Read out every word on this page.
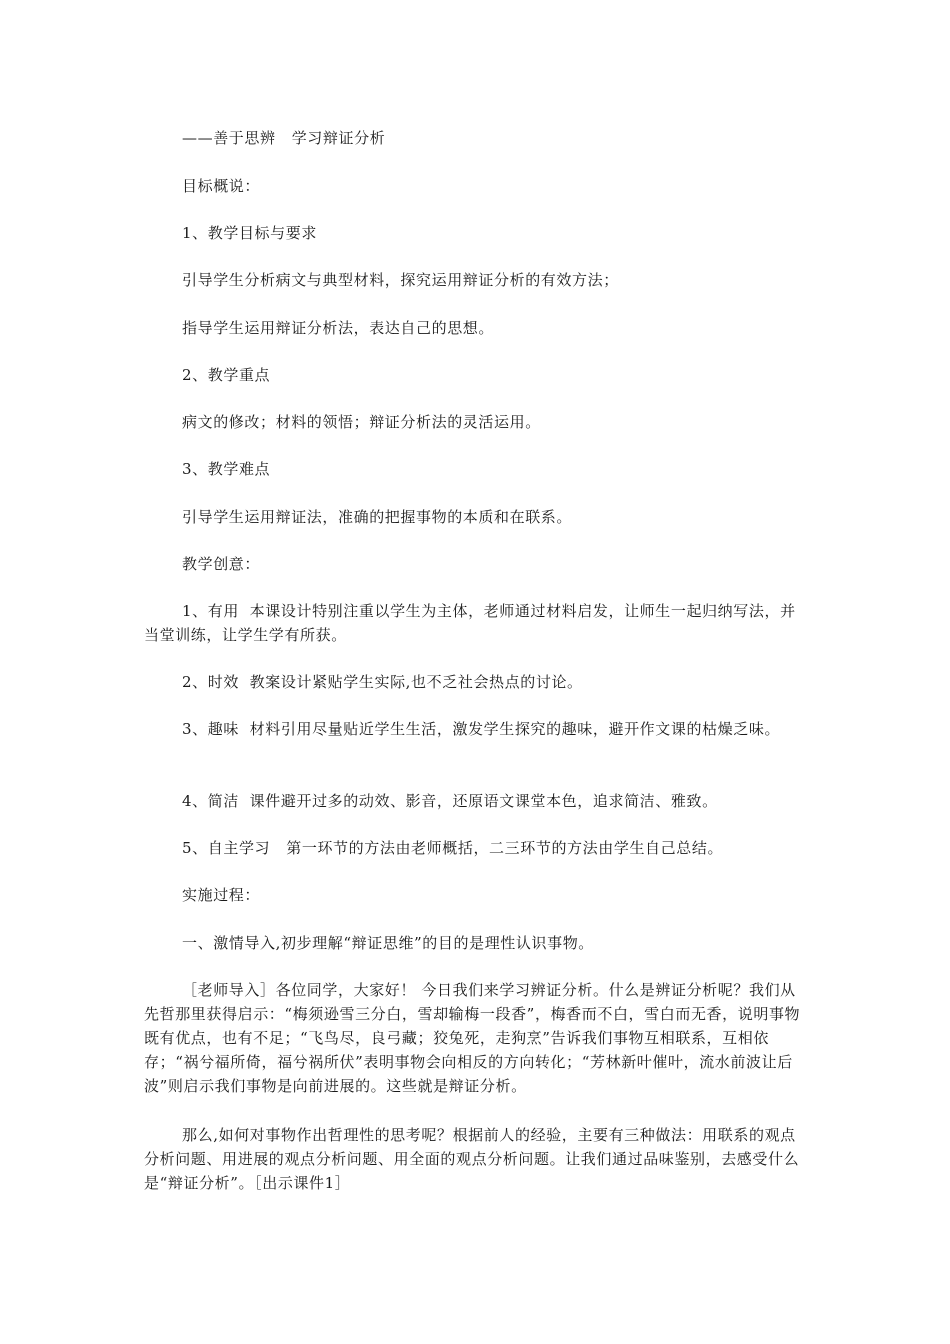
——善于思辨   学习辩证分析

目标概说：

1、教学目标与要求

引导学生分析病文与典型材料，探究运用辩证分析的有效方法；

指导学生运用辩证分析法，表达自己的思想。

2、教学重点

病文的修改；材料的领悟；辩证分析法的灵活运用。

3、教学难点

引导学生运用辩证法，准确的把握事物的本质和在联系。

教学创意：

1、有用  本课设计特别注重以学生为主体，老师通过材料启发，让师生一起归纳写法，并当堂训练，让学生学有所获。

2、时效  教案设计紧贴学生实际,也不乏社会热点的讨论。

3、趣味  材料引用尽量贴近学生生活，激发学生探究的趣味，避开作文课的枯燥乏味。

4、简洁  课件避开过多的动效、影音，还原语文课堂本色，追求简洁、雅致。

5、自主学习   第一环节的方法由老师概括，二三环节的方法由学生自己总结。

实施过程：

一、激情导入,初步理解“辩证思维”的目的是理性认识事物。

［老师导入］各位同学，大家好！ 今日我们来学习辨证分析。什么是辨证分析呢？我们从先哲那里获得启示：“梅须逊雪三分白，雪却输梅一段香”，梅香而不白，雪白而无香，说明事物既有优点，也有不足；“飞鸟尽，良弓藏；狡兔死，走狗烹”告诉我们事物互相联系，互相依存；“祸兮福所倚，福兮祸所伏”表明事物会向相反的方向转化；“芳林新叶催叶，流水前波让后波”则启示我们事物是向前进展的。这些就是辩证分析。

那么,如何对事物作出哲理性的思考呢？根据前人的经验，主要有三种做法：用联系的观点分析问题、用进展的观点分析问题、用全面的观点分析问题。让我们通过品味鉴别，去感受什么是“辩证分析”。［出示课件1］
